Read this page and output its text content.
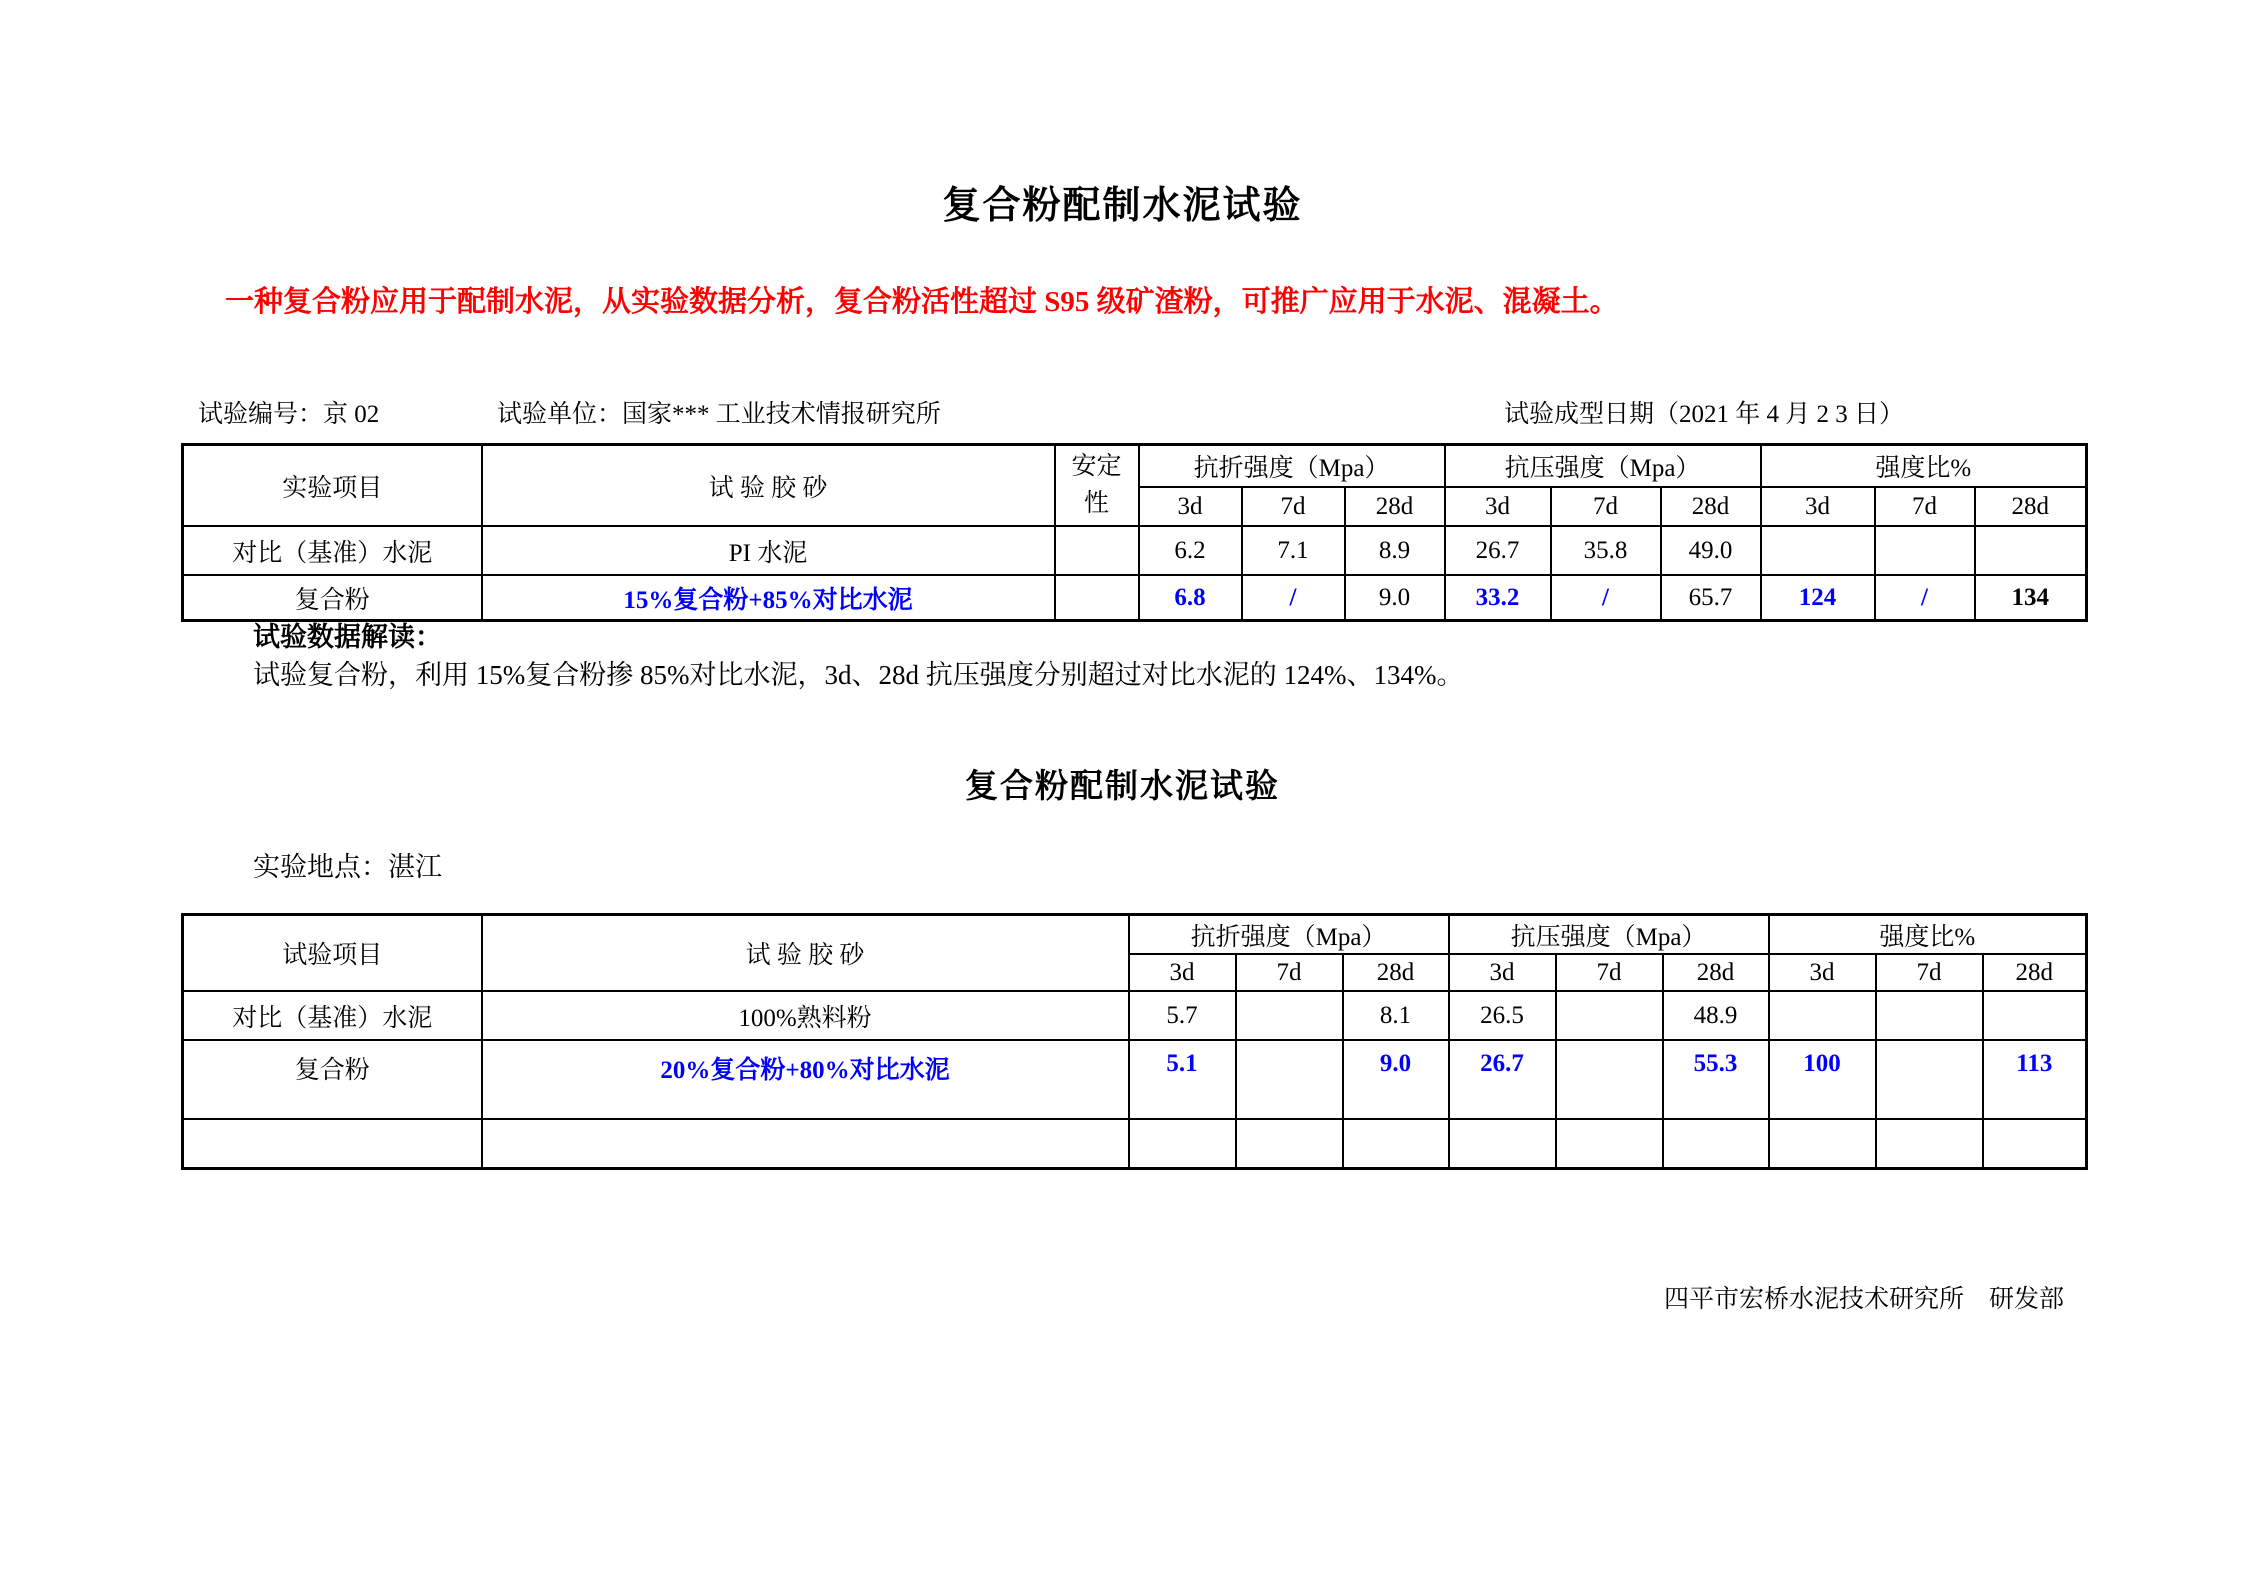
复合粉配制水泥试验

一种复合粉应用于配制水泥，从实验数据分析，复合粉活性超过 S95 级矿渣粉，可推广应用于水泥、混凝土。

试验编号：京 02	试验单位：国家*** 工业技术情报研究所	试验成型日期（2021 年 4 月 2 3 日）
实验项目	试 验 胶 砂	安定性	抗折强度（Mpa）			抗压强度（Mpa）			强度比%		
			3d	7d	28d	3d	7d	28d	3d	7d	28d
对比（基准）水泥	PI 水泥		6.2	7.1	8.9	26.7	35.8	49.0			
复合粉	15%复合粉+85%对比水泥		6.8	/	9.0	33.2	/	65.7	124	/	134

试验数据解读：

试验复合粉，利用 15%复合粉掺 85%对比水泥，3d、28d 抗压强度分别超过对比水泥的 124%、134%。

复合粉配制水泥试验

实验地点：湛江

试验项目	试 验 胶 砂	抗折强度（Mpa）			抗压强度（Mpa）			强度比%		
		3d	7d	28d	3d	7d	28d	3d	7d	28d
对比（基准）水泥	100%熟料粉	5.7		8.1	26.5		48.9			
复合粉	20%复合粉+80%对比水泥	5.1		9.0	26.7		55.3	100		113

四平市宏桥水泥技术研究所　研发部
